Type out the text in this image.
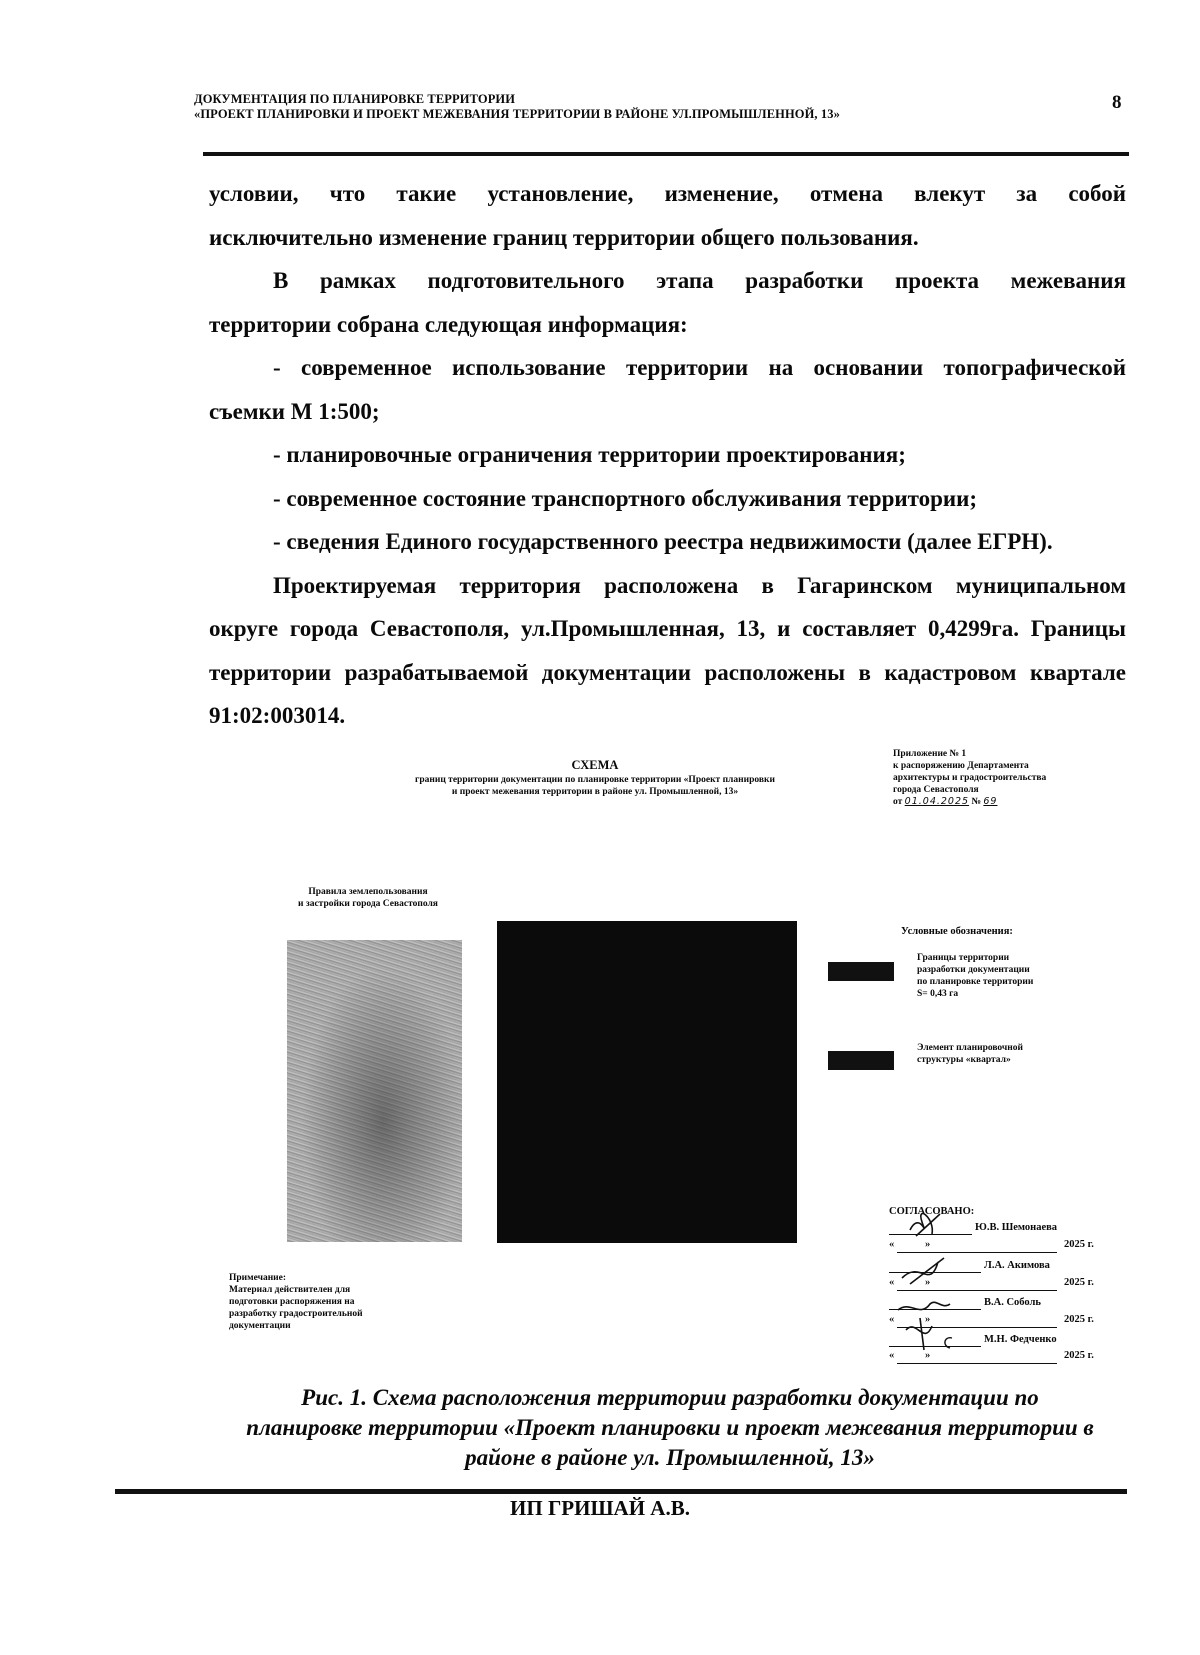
ДОКУМЕНТАЦИЯ ПО ПЛАНИРОВКЕ ТЕРРИТОРИИ
«ПРОЕКТ ПЛАНИРОВКИ И ПРОЕКТ МЕЖЕВАНИЯ ТЕРРИТОРИИ В РАЙОНЕ УЛ.ПРОМЫШЛЕННОЙ, 13»
8

условии, что такие установление, изменение, отмена влекут за собой

исключительно изменение границ территории общего пользования.

В рамках подготовительного этапа разработки проекта межевания

территории собрана следующая информация:

- современное использование территории на основании топографической

съемки М 1:500;

- планировочные ограничения территории проектирования;

- современное состояние транспортного обслуживания территории;

- сведения Единого государственного реестра недвижимости (далее ЕГРН).

Проектируемая территория расположена в Гагаринском муниципальном

округе города Севастополя, ул.Промышленная, 13, и составляет 0,4299га. Границы

территории разрабатываемой документации расположены в кадастровом квартале

91:02:003014.

СХЕМА
границ территории документации по планировке территории «Проект планировки
и проект межевания территории в районе ул. Промышленной, 13»
Приложение № 1
к распоряжению Департамента
архитектуры и градостроительства
города Севастополя
от 01.04.2025 № 69
Правила землепользования
и застройки города Севастополя
Условные обозначения:
Границы территории
разработки документации
по планировке территории
S= 0,43 га
Элемент планировочной
структуры «квартал»
Примечание:
Материал действителен для
подготовки распоряжения на
разработку градостроительной
документации
СОГЛАСОВАНО:
Ю.В. Шемонаева
«	»	2025 г.
Л.А. Акимова
«	»	2025 г.
В.А. Соболь
«	»	2025 г.
М.Н. Федченко
«	»	2025 г.
Рис. 1. Схема расположения территории разработки документации по
планировке территории «Проект планировки и проект межевания территории в
районе в районе ул. Промышленной, 13»
ИП ГРИШАЙ А.В.
